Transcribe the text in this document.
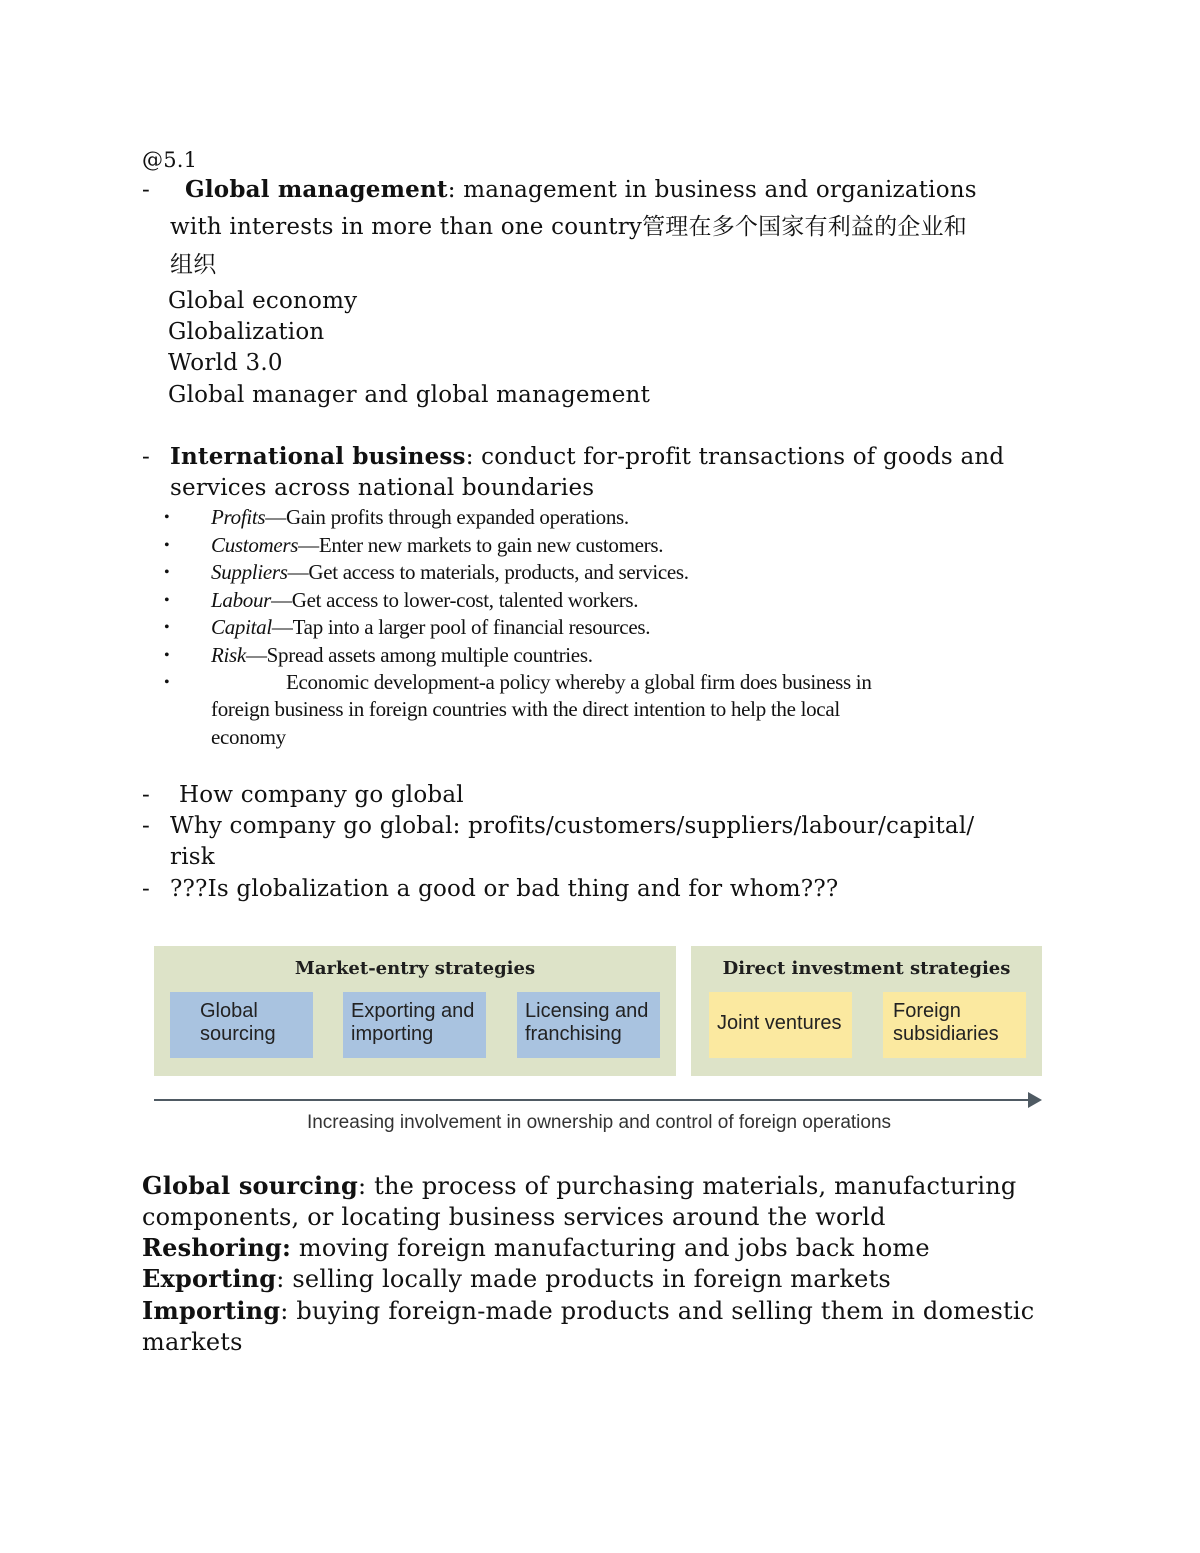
@5.1
- Global management: management in business and organizations
with interests in more than one country管理在多个国家有利益的企业和
组织
Global economy
Globalization
World 3.0
Global manager and global management
- International business: conduct for-profit transactions of goods and
services across national boundaries
• Profits—Gain profits through expanded operations.
• Customers—Enter new markets to gain new customers.
• Suppliers—Get access to materials, products, and services.
• Labour—Get access to lower-cost, talented workers.
• Capital—Tap into a larger pool of financial resources.
• Risk—Spread assets among multiple countries.
•	Economic development-a policy whereby a global firm does business in
foreign business in foreign countries with the direct intention to help the local
economy
- How company go global
- Why company go global: profits/customers/suppliers/labour/capital/
risk
- ???Is globalization a good or bad thing and for whom???
Market-entry strategies
Global
sourcing
Exporting and
importing
Licensing and
franchising
Direct investment strategies
Joint ventures
Foreign
subsidiaries
Increasing involvement in ownership and control of foreign operations
Global sourcing: the process of purchasing materials, manufacturing
components, or locating business services around the world
Reshoring: moving foreign manufacturing and jobs back home
Exporting: selling locally made products in foreign markets
Importing: buying foreign-made products and selling them in domestic
markets
